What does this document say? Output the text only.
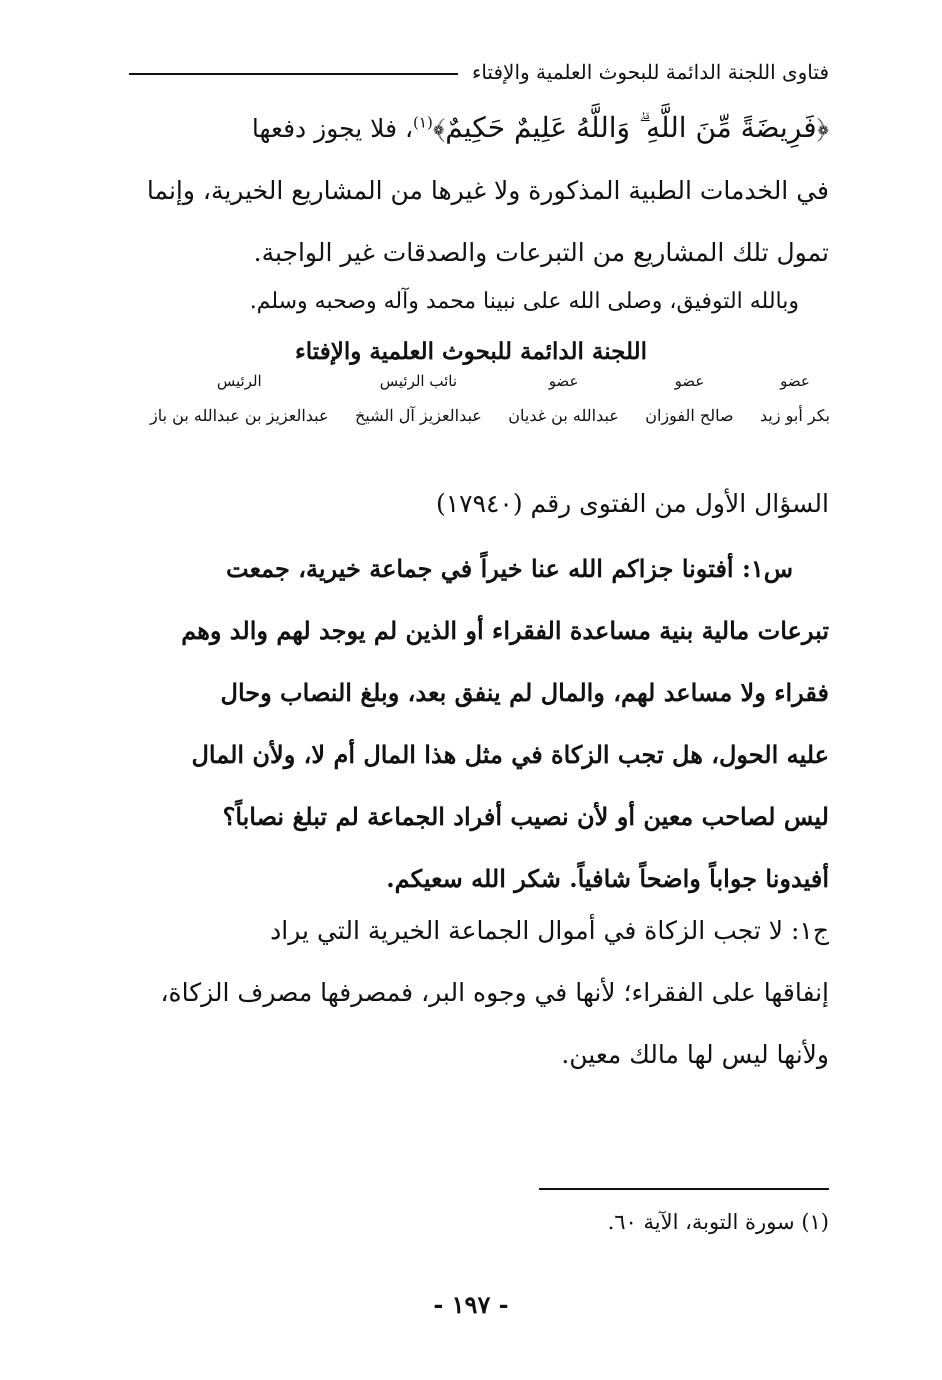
فتاوى اللجنة الدائمة للبحوث العلمية والإفتاء
﴿فَرِيضَةً مِّنَ اللَّهِ ۗ وَاللَّهُ عَلِيمٌ حَكِيمٌ﴾$^{(١)}$، فلا يجوز دفعها
في الخدمات الطبية المذكورة ولا غيرها من المشاريع الخيرية، وإنما
تمول تلك المشاريع من التبرعات والصدقات غير الواجبة.
وبالله التوفيق، وصلى الله على نبينا محمد وآله وصحبه وسلم.
اللجنة الدائمة للبحوث العلمية والإفتاء
عضو
بكر أبو زيد
عضو
صالح الفوزان
عضو
عبدالله بن غديان
نائب الرئيس
عبدالعزيز آل الشيخ
الرئيس
عبدالعزيز بن عبدالله بن باز
السؤال الأول من الفتوى رقم (١٧٩٤٠)
س١: أفتونا جزاكم الله عنا خيراً في جماعة خيرية، جمعت
تبرعات مالية بنية مساعدة الفقراء أو الذين لم يوجد لهم والد وهم
فقراء ولا مساعد لهم، والمال لم ينفق بعد، وبلغ النصاب وحال
عليه الحول، هل تجب الزكاة في مثل هذا المال أم لا، ولأن المال
ليس لصاحب معين أو لأن نصيب أفراد الجماعة لم تبلغ نصاباً؟
أفيدونا جواباً واضحاً شافياً. شكر الله سعيكم.
ج١: لا تجب الزكاة في أموال الجماعة الخيرية التي يراد
إنفاقها على الفقراء؛ لأنها في وجوه البر، فمصرفها مصرف الزكاة،
ولأنها ليس لها مالك معين.
(١) سورة التوبة، الآية ٦٠.
- ١٩٧ -
